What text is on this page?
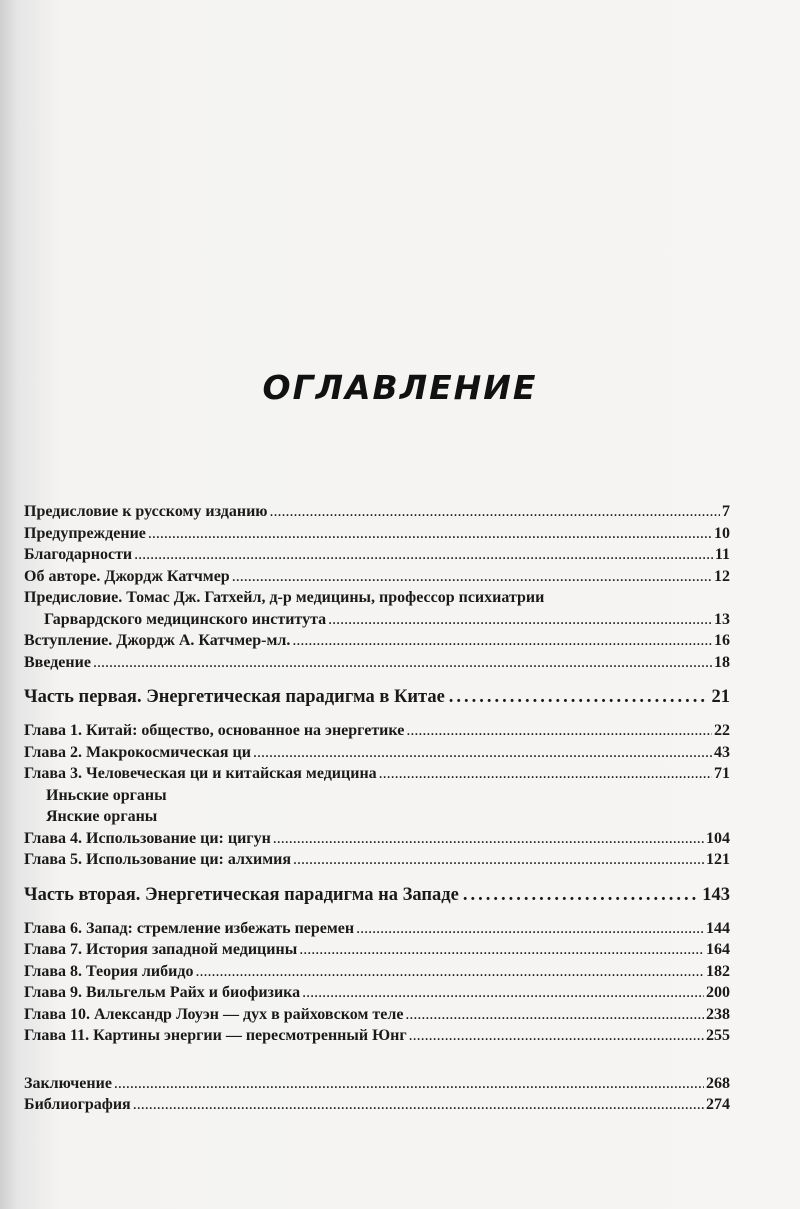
ОГЛАВЛЕНИЕ
Предисловие к русскому изданию .....	7
Предупреждение .....	10
Благодарности .....	11
Об авторе. Джордж Катчмер .....	12
Предисловие. Томас Дж. Гатхейл, д-р медицины, профессор психиатрии
Гарвардского медицинского института .....	13
Вступление. Джордж А. Катчмер-мл. .....	16
Введение .....	18
Часть первая. Энергетическая парадигма в Китае .....	21
Глава 1. Китай: общество, основанное на энергетике .....	22
Глава 2. Макрокосмическая ци .....	43
Глава 3. Человеческая ци и китайская медицина .....	71
Иньские органы
Янские органы
Глава 4. Использование ци: цигун .....	104
Глава 5. Использование ци: алхимия .....	121
Часть вторая. Энергетическая парадигма на Западе .....	143
Глава 6. Запад: стремление избежать перемен .....	144
Глава 7. История западной медицины .....	164
Глава 8. Теория либидо .....	182
Глава 9. Вильгельм Райх и биофизика .....	200
Глава 10. Александр Лоуэн — дух в райховском теле .....	238
Глава 11. Картины энергии — пересмотренный Юнг .....	255
Заключение .....	268
Библиография .....	274
